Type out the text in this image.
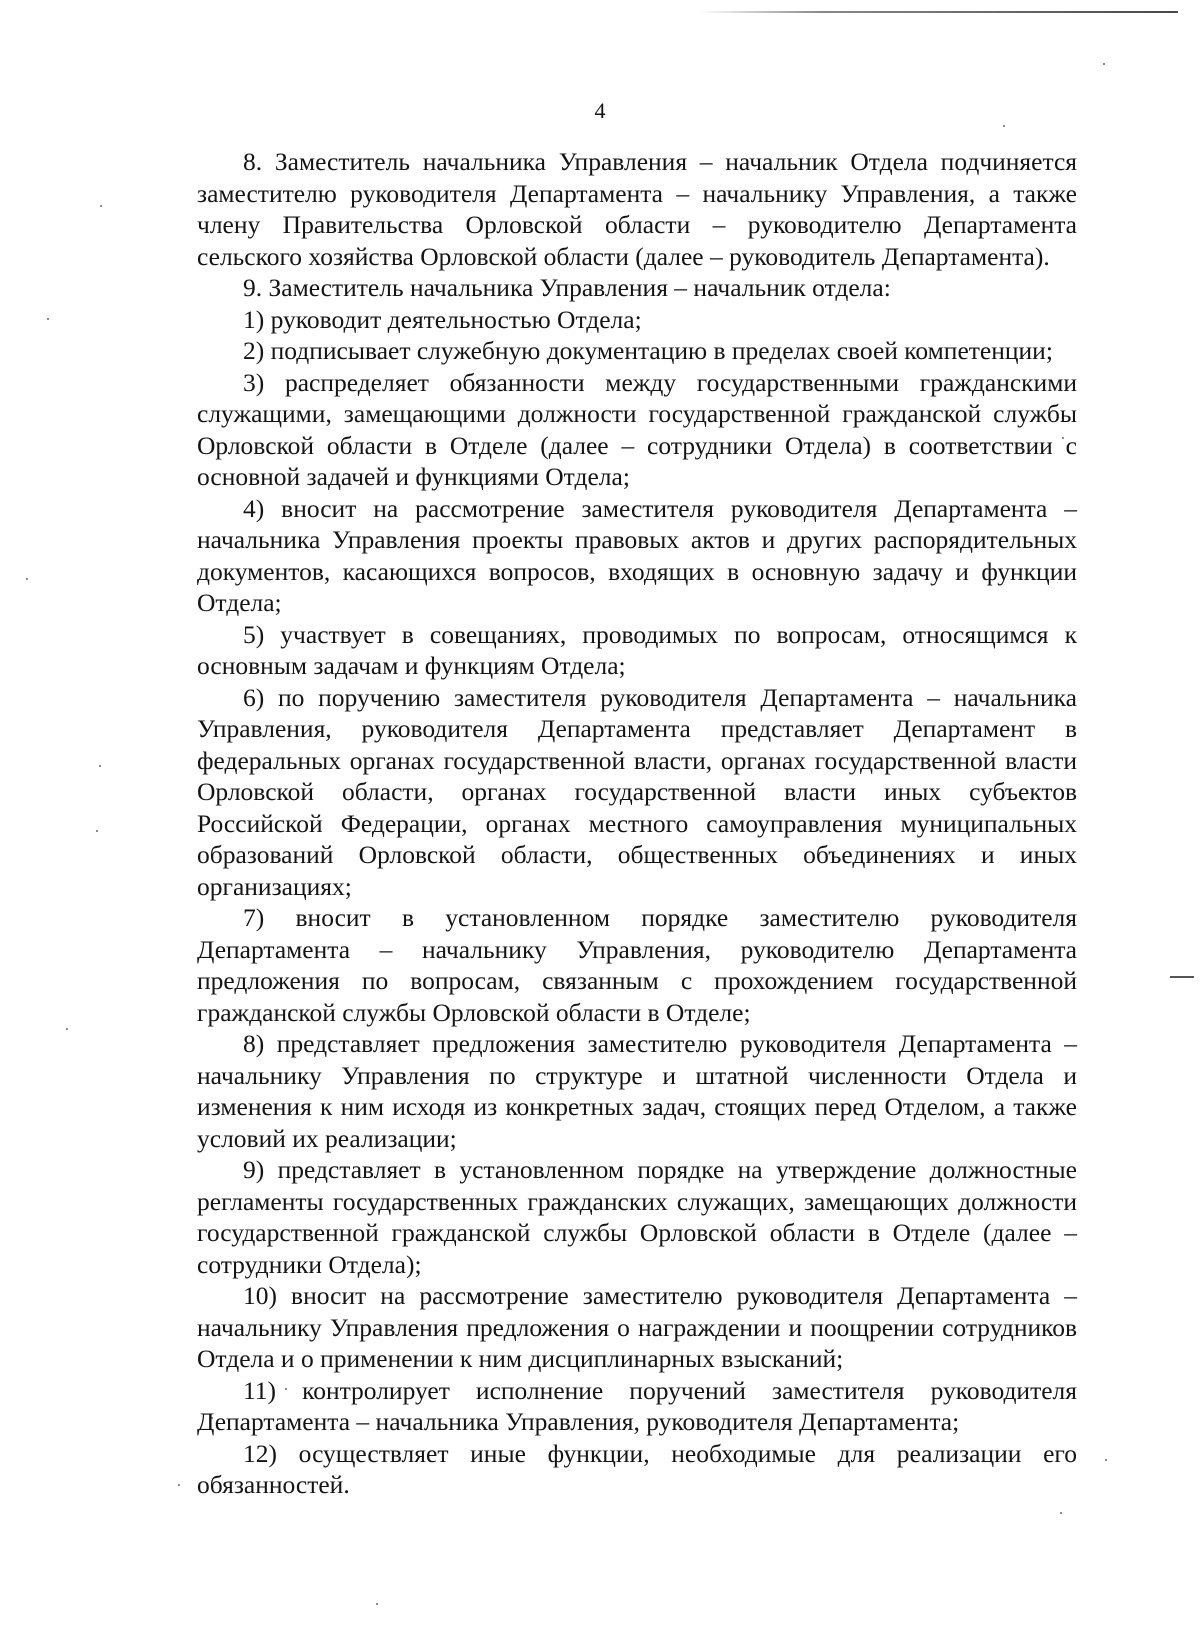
4

8. Заместитель начальника Управления – начальник Отдела подчиняется заместителю руководителя Департамента – начальнику Управления, а также члену Правительства Орловской области – руководителю Департамента сельского хозяйства Орловской области (далее – руководитель Департамента).

9. Заместитель начальника Управления – начальник отдела:

1) руководит деятельностью Отдела;

2) подписывает служебную документацию в пределах своей компетенции;

3) распределяет обязанности между государственными гражданскими служащими, замещающими должности государственной гражданской службы Орловской области в Отделе (далее – сотрудники Отдела) в соответствии с основной задачей и функциями Отдела;

4) вносит на рассмотрение заместителя руководителя Департамента – начальника Управления проекты правовых актов и других распорядительных документов, касающихся вопросов, входящих в основную задачу и функции Отдела;

5) участвует в совещаниях, проводимых по вопросам, относящимся к основным задачам и функциям Отдела;

6) по поручению заместителя руководителя Департамента – начальника Управления, руководителя Департамента представляет Департамент в федеральных органах государственной власти, органах государственной власти Орловской области, органах государственной власти иных субъектов Российской Федерации, органах местного самоуправления муниципальных образований Орловской области, общественных объединениях и иных организациях;

7) вносит в установленном порядке заместителю руководителя Департамента – начальнику Управления, руководителю Департамента предложения по вопросам, связанным с прохождением государственной гражданской службы Орловской области в Отделе;

8) представляет предложения заместителю руководителя Департамента – начальнику Управления по структуре и штатной численности Отдела и изменения к ним исходя из конкретных задач, стоящих перед Отделом, а также условий их реализации;

9) представляет в установленном порядке на утверждение должностные регламенты государственных гражданских служащих, замещающих должности государственной гражданской службы Орловской области в Отделе (далее – сотрудники Отдела);

10) вносит на рассмотрение заместителю руководителя Департамента – начальнику Управления предложения о награждении и поощрении сотрудников Отдела и о применении к ним дисциплинарных взысканий;

11) контролирует исполнение поручений заместителя руководителя Департамента – начальника Управления, руководителя Департамента;

12) осуществляет иные функции, необходимые для реализации его обязанностей.
